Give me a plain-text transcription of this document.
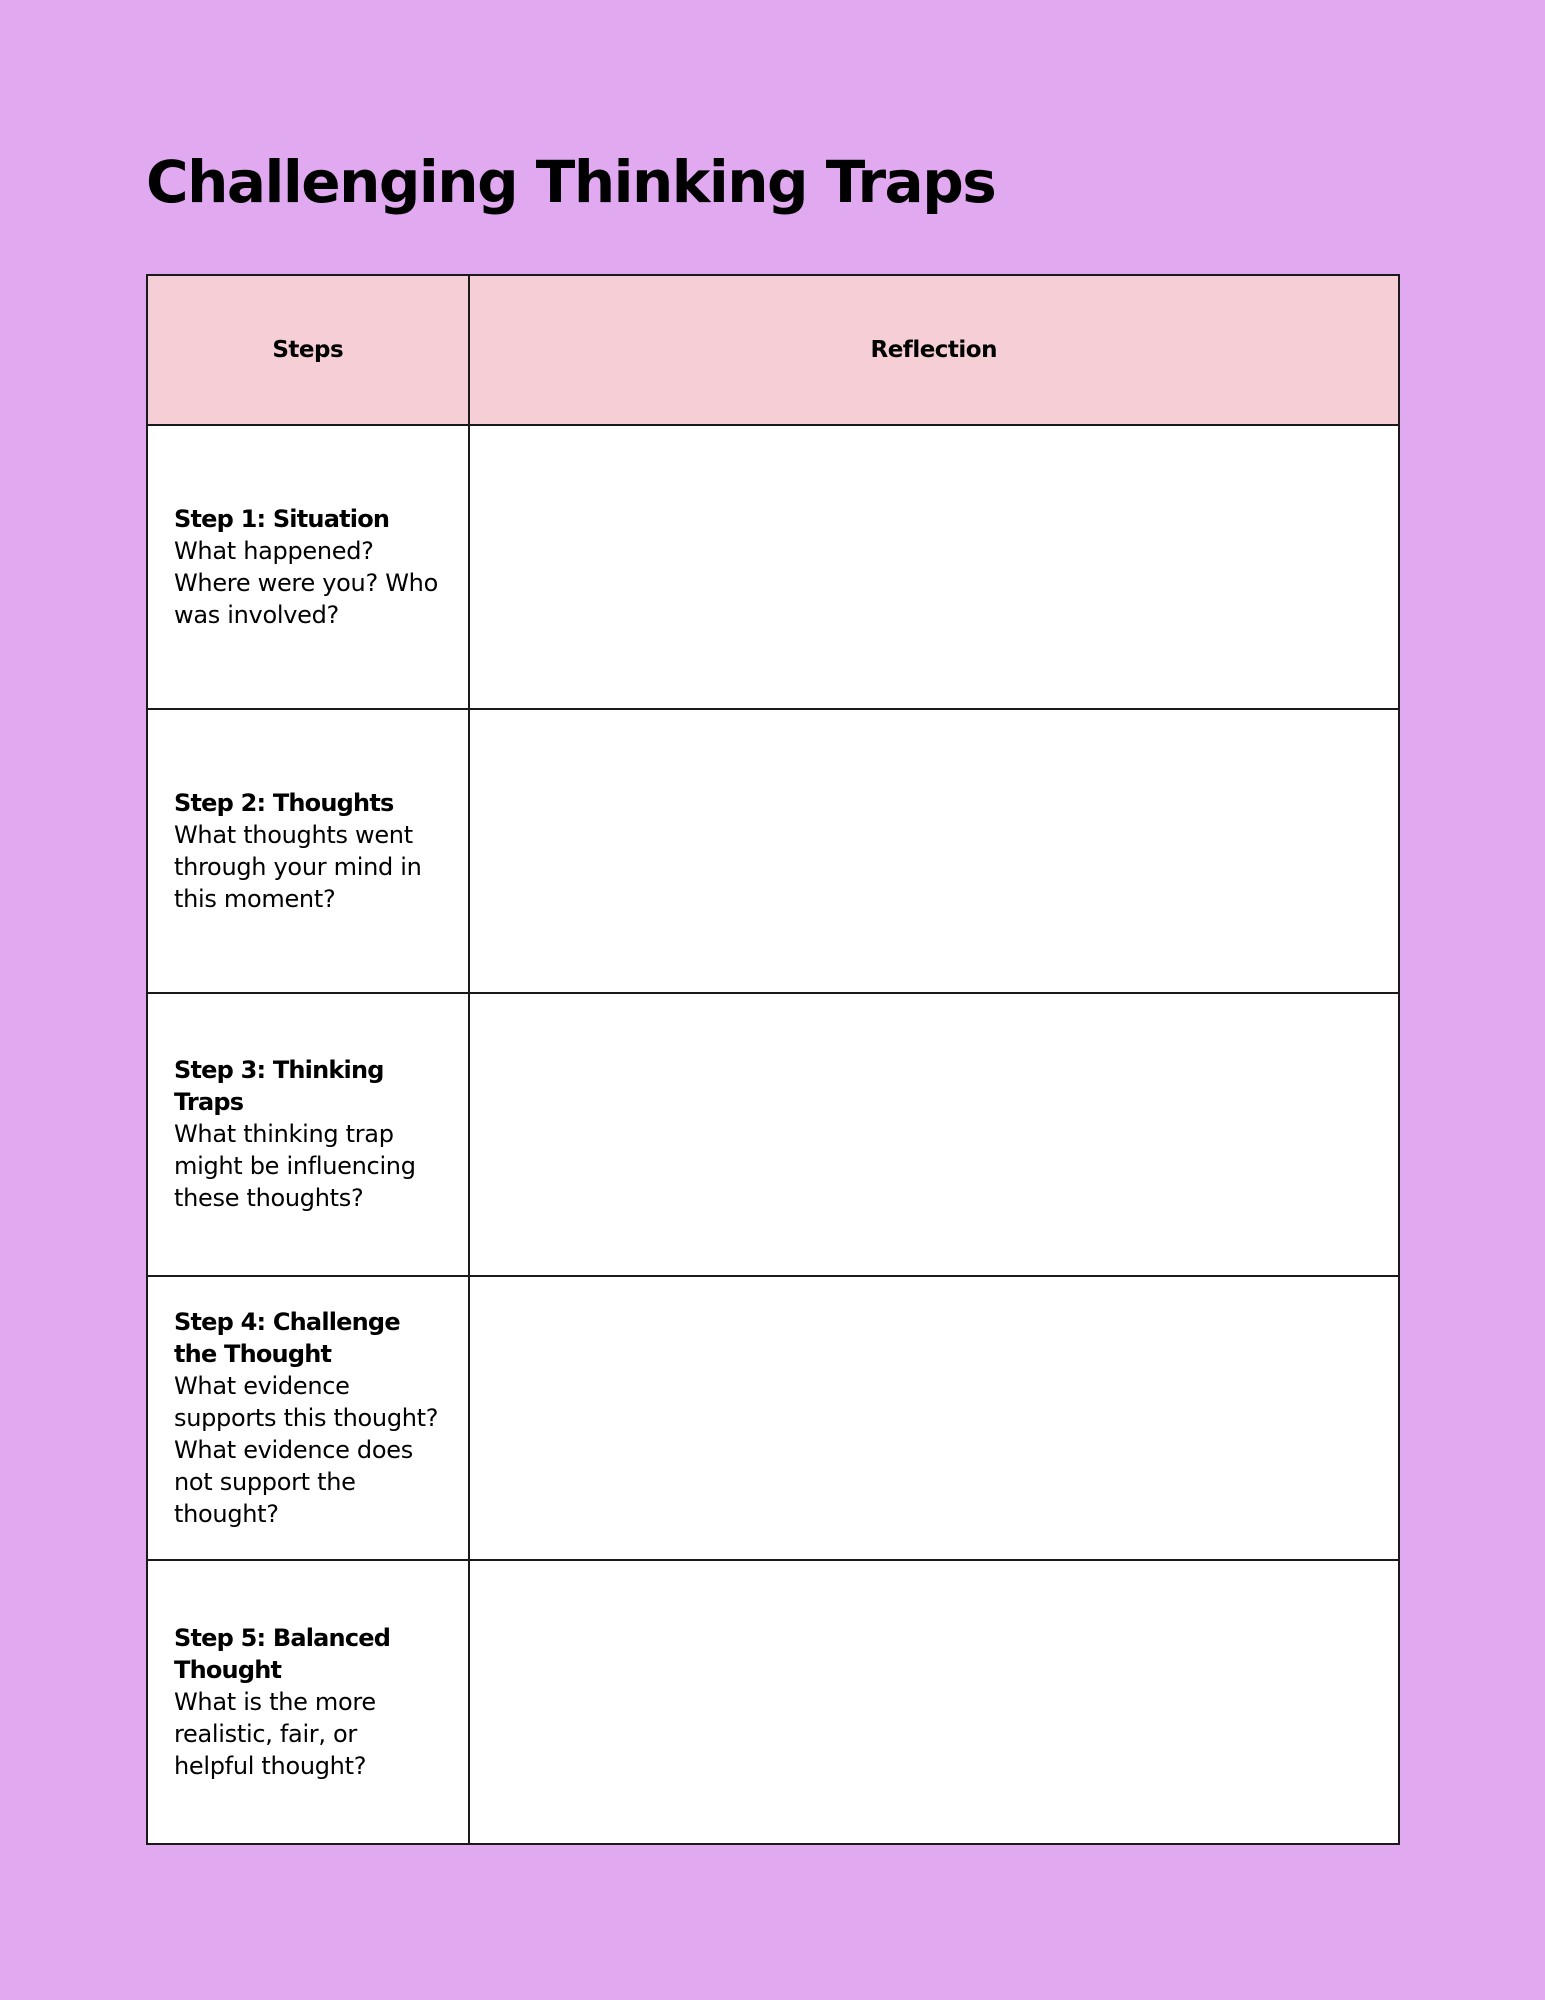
Challenging Thinking Traps
Steps	Reflection

Step 1: Situation
What happened? Where were you? Who was involved?	

Step 2: Thoughts
What thoughts went through your mind in this moment?	

Step 3: Thinking Traps
What thinking trap might be influencing these thoughts?	

Step 4: Challenge the Thought
What evidence supports this thought? What evidence does not support the thought?	

Step 5: Balanced Thought
What is the more realistic, fair, or helpful thought?	
